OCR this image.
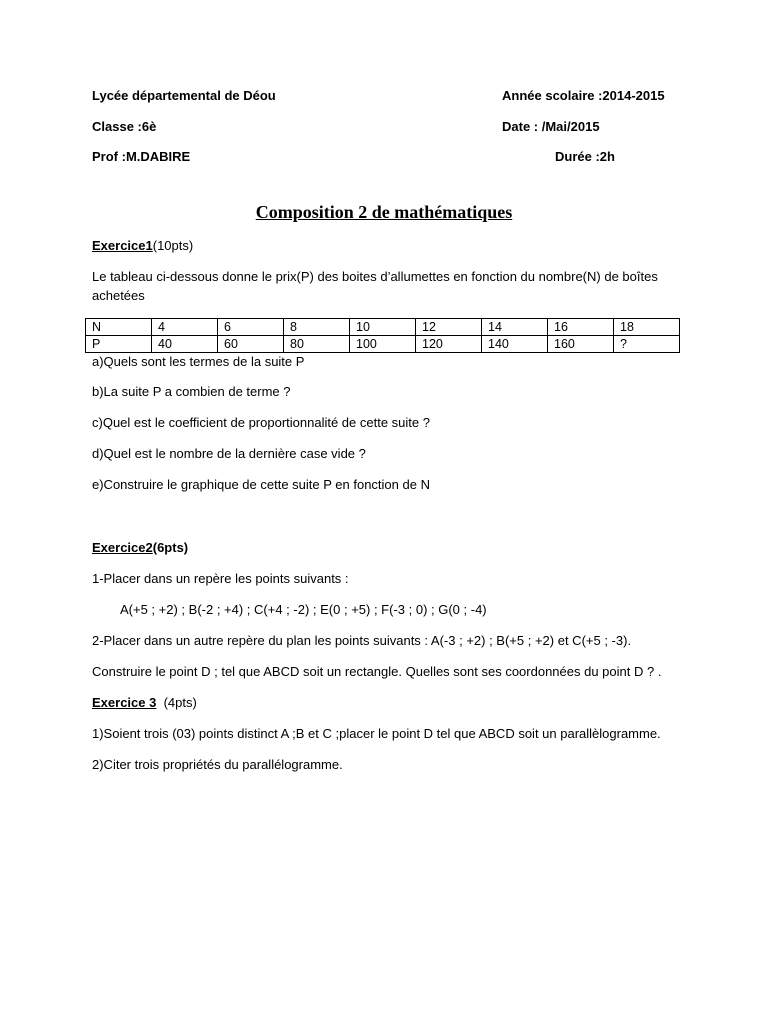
Lycée départemental de Déou	Année scolaire :2014-2015
Classe :6è	Date : /Mai/2015
Prof :M.DABIRE	Durée :2h
Composition 2 de mathématiques
Exercice1(10pts)
Le tableau ci-dessous donne le prix(P) des boites d’allumettes en fonction du nombre(N) de boîtes
achetées
N	4	6	8	10	12	14	16	18
P	40	60	80	100	120	140	160	?
a)Quels sont les termes de la suite P
b)La suite P a combien de terme ?
c)Quel est le coefficient de proportionnalité de cette suite ?
d)Quel est le nombre de la dernière case vide ?
e)Construire le graphique de cette suite P en fonction de N
Exercice2(6pts)
1-Placer dans un repère les points suivants :
A(+5 ; +2) ; B(-2 ; +4) ; C(+4 ; -2) ; E(0 ; +5) ; F(-3 ; 0) ; G(0 ; -4)
2-Placer dans un autre repère du plan les points suivants : A(-3 ; +2) ; B(+5 ; +2) et C(+5 ; -3).
Construire le point D ; tel que ABCD soit un rectangle. Quelles sont ses coordonnées du point D ? .
Exercice 3  (4pts)
1)Soient trois (03) points distinct A ;B et C ;placer le point D tel que ABCD soit un parallèlogramme.
2)Citer trois propriétés du parallélogramme.
